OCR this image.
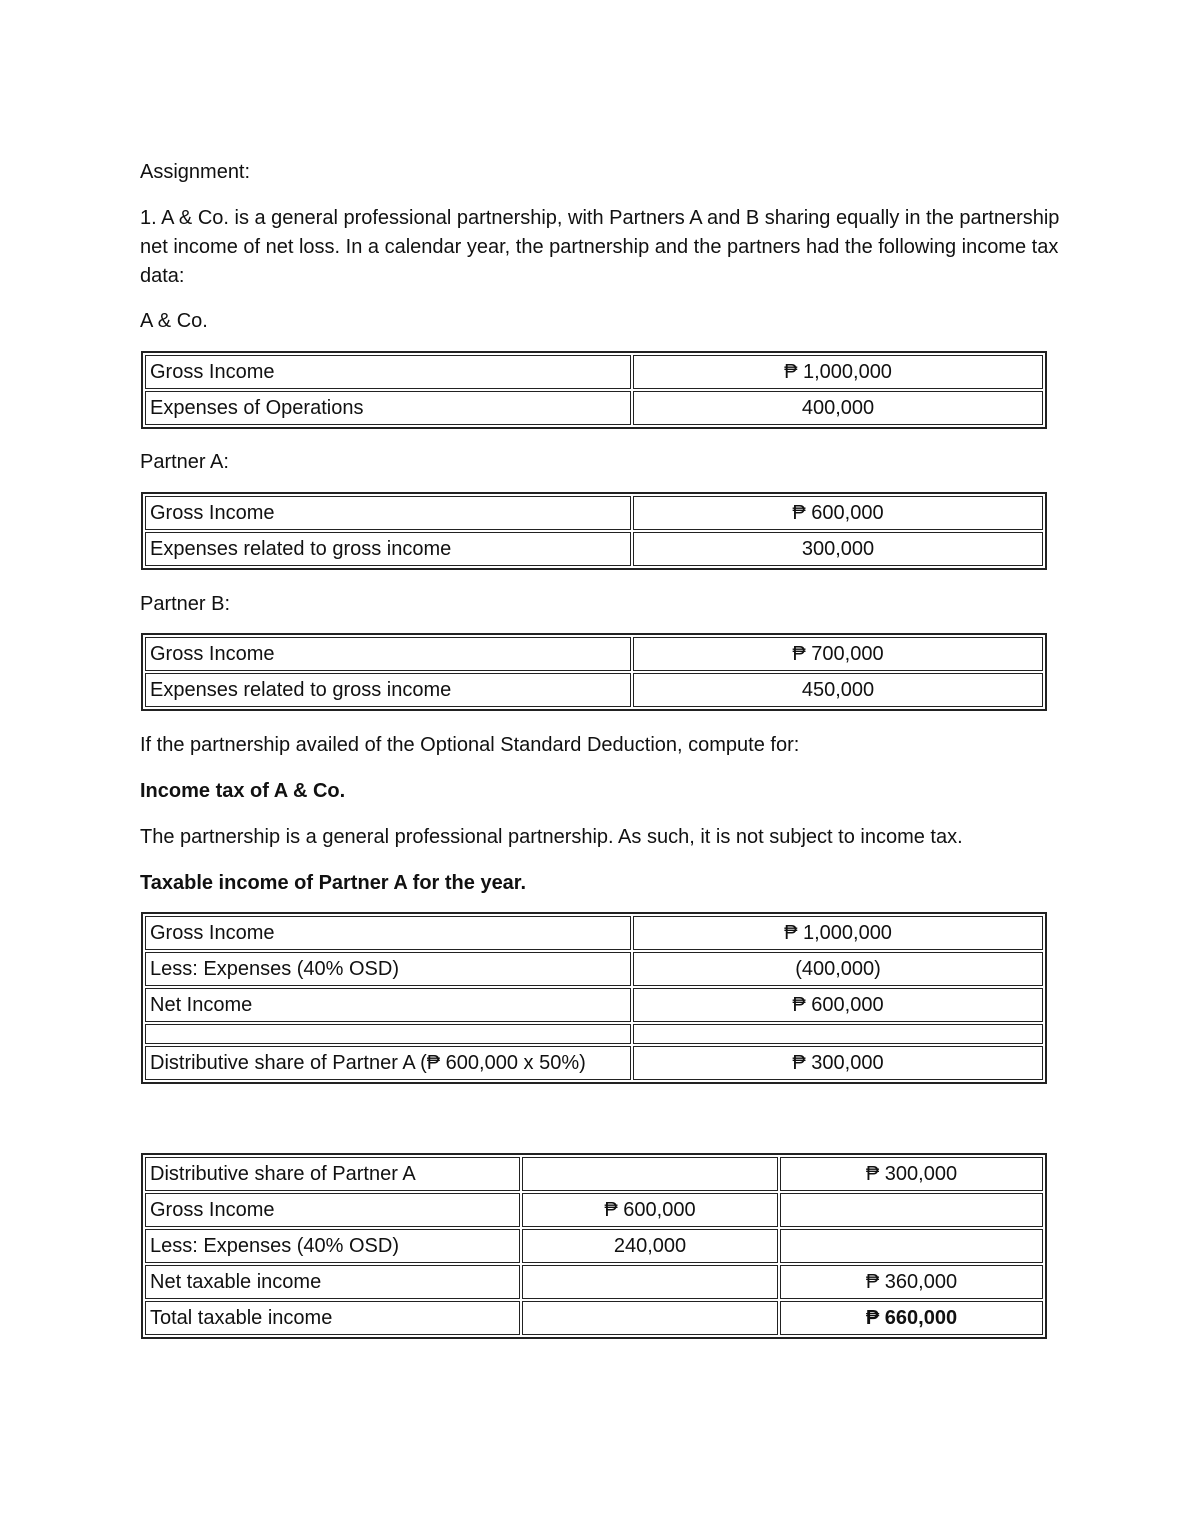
Assignment:

1. A & Co. is a general professional partnership, with Partners A and B sharing equally in the partnership net income of net loss. In a calendar year, the partnership and the partners had the following income tax data:

A & Co.

Gross Income	₱ 1,000,000
Expenses of Operations	400,000

Partner A:

Gross Income	₱ 600,000
Expenses related to gross income	300,000

Partner B:

Gross Income	₱ 700,000
Expenses related to gross income	450,000

If the partnership availed of the Optional Standard Deduction, compute for:

Income tax of A & Co.

The partnership is a general professional partnership. As such, it is not subject to income tax.

Taxable income of Partner A for the year.

Gross Income	₱ 1,000,000
Less: Expenses (40% OSD)	(400,000)
Net Income	₱ 600,000

Distributive share of Partner A (₱ 600,000 x 50%)	₱ 300,000
Distributive share of Partner A		₱ 300,000
Gross Income	₱ 600,000	
Less: Expenses (40% OSD)	240,000	
Net taxable income		₱ 360,000
Total taxable income		₱ 660,000
